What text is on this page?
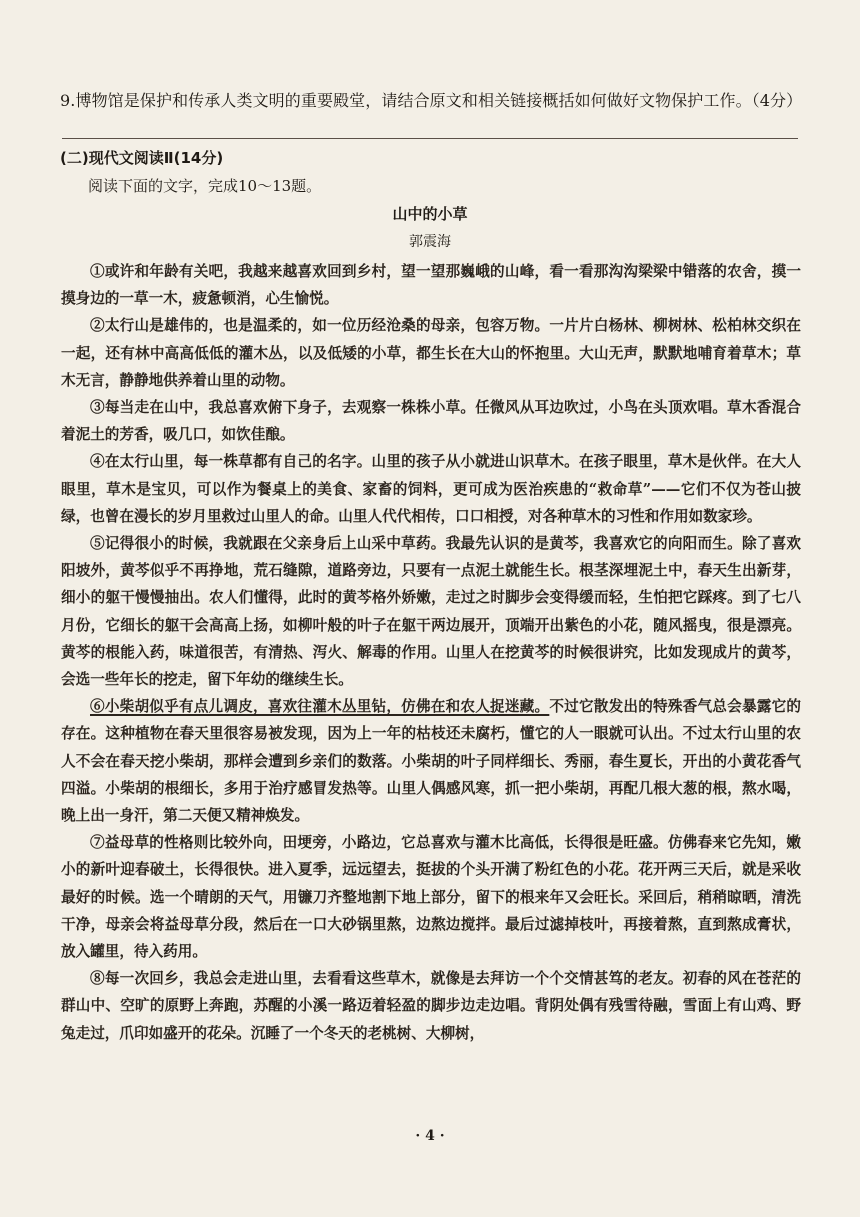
9.博物馆是保护和传承人类文明的重要殿堂，请结合原文和相关链接概括如何做好文物保护工作。（4分）
(二)现代文阅读Ⅱ(14分)
阅读下面的文字，完成10～13题。
山中的小草
郭震海

①或许和年龄有关吧，我越来越喜欢回到乡村，望一望那巍峨的山峰，看一看那沟沟梁梁中错落的农舍，摸一摸身边的一草一木，疲惫顿消，心生愉悦。

②太行山是雄伟的，也是温柔的，如一位历经沧桑的母亲，包容万物。一片片白杨林、柳树林、松柏林交织在一起，还有林中高高低低的灌木丛，以及低矮的小草，都生长在大山的怀抱里。大山无声，默默地哺育着草木；草木无言，静静地供养着山里的动物。

③每当走在山中，我总喜欢俯下身子，去观察一株株小草。任微风从耳边吹过，小鸟在头顶欢唱。草木香混合着泥土的芳香，吸几口，如饮佳酿。

④在太行山里，每一株草都有自己的名字。山里的孩子从小就进山识草木。在孩子眼里，草木是伙伴。在大人眼里，草木是宝贝，可以作为餐桌上的美食、家畜的饲料，更可成为医治疾患的“救命草”——它们不仅为苍山披绿，也曾在漫长的岁月里救过山里人的命。山里人代代相传，口口相授，对各种草木的习性和作用如数家珍。

⑤记得很小的时候，我就跟在父亲身后上山采中草药。我最先认识的是黄芩，我喜欢它的向阳而生。除了喜欢阳坡外，黄芩似乎不再挣地，荒石缝隙，道路旁边，只要有一点泥土就能生长。根茎深埋泥土中，春天生出新芽，细小的躯干慢慢抽出。农人们懂得，此时的黄芩格外娇嫩，走过之时脚步会变得缓而轻，生怕把它踩疼。到了七八月份，它细长的躯干会高高上扬，如柳叶般的叶子在躯干两边展开，顶端开出紫色的小花，随风摇曳，很是漂亮。黄芩的根能入药，味道很苦，有清热、泻火、解毒的作用。山里人在挖黄芩的时候很讲究，比如发现成片的黄芩，会选一些年长的挖走，留下年幼的继续生长。

⑥小柴胡似乎有点儿调皮，喜欢往灌木丛里钻，仿佛在和农人捉迷藏。不过它散发出的特殊香气总会暴露它的存在。这种植物在春天里很容易被发现，因为上一年的枯枝还未腐朽，懂它的人一眼就可认出。不过太行山里的农人不会在春天挖小柴胡，那样会遭到乡亲们的数落。小柴胡的叶子同样细长、秀丽，春生夏长，开出的小黄花香气四溢。小柴胡的根细长，多用于治疗感冒发热等。山里人偶感风寒，抓一把小柴胡，再配几根大葱的根，熬水喝，晚上出一身汗，第二天便又精神焕发。

⑦益母草的性格则比较外向，田埂旁，小路边，它总喜欢与灌木比高低，长得很是旺盛。仿佛春来它先知，嫩小的新叶迎春破土，长得很快。进入夏季，远远望去，挺拔的个头开满了粉红色的小花。花开两三天后，就是采收最好的时候。选一个晴朗的天气，用镰刀齐整地割下地上部分，留下的根来年又会旺长。采回后，稍稍晾晒，清洗干净，母亲会将益母草分段，然后在一口大砂锅里熬，边熬边搅拌。最后过滤掉枝叶，再接着熬，直到熬成膏状，放入罐里，待入药用。

⑧每一次回乡，我总会走进山里，去看看这些草木，就像是去拜访一个个交情甚笃的老友。初春的风在苍茫的群山中、空旷的原野上奔跑，苏醒的小溪一路迈着轻盈的脚步边走边唱。背阴处偶有残雪待融，雪面上有山鸡、野兔走过，爪印如盛开的花朵。沉睡了一个冬天的老桃树、大柳树，

· 4 ·
